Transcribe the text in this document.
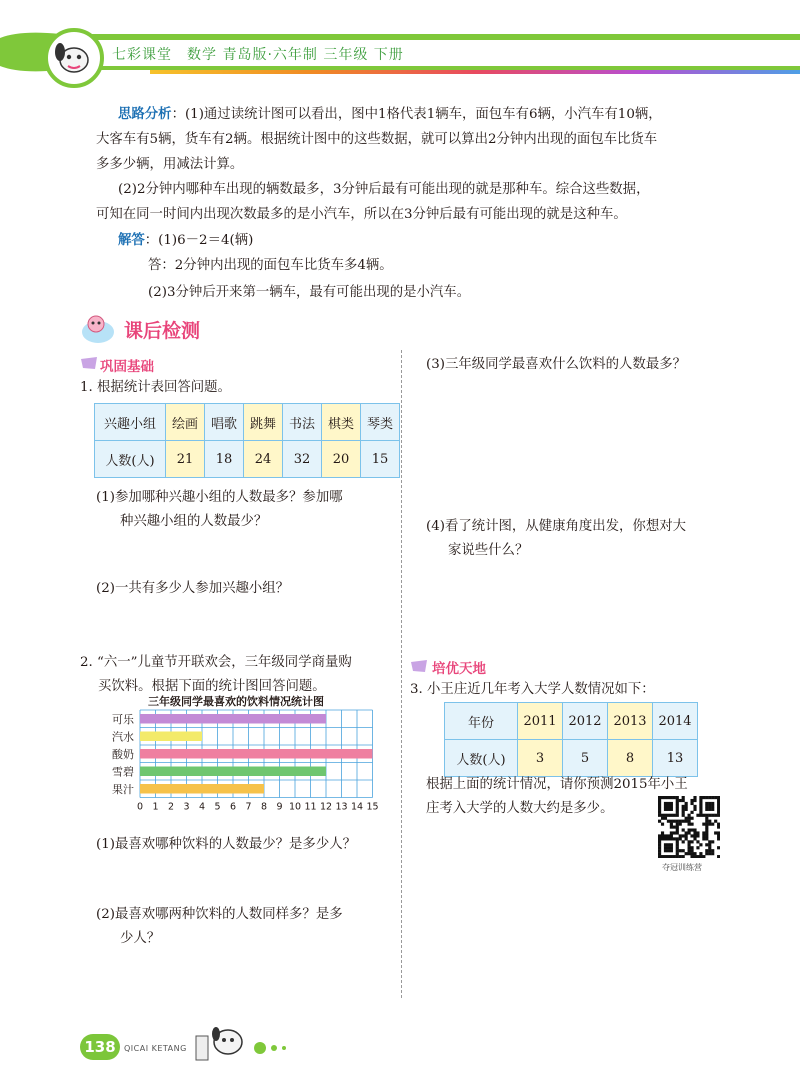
七彩课堂　数学 青岛版·六年制 三年级 下册
思路分析：(1)通过读统计图可以看出，图中1格代表1辆车，面包车有6辆，小汽车有10辆，
大客车有5辆，货车有2辆。根据统计图中的这些数据，就可以算出2分钟内出现的面包车比货车
多多少辆，用减法计算。
(2)2分钟内哪种车出现的辆数最多，3分钟后最有可能出现的就是那种车。综合这些数据，
可知在同一时间内出现次数最多的是小汽车，所以在3分钟后最有可能出现的就是这种车。
解答：(1)6－2＝4(辆)
答：2分钟内出现的面包车比货车多4辆。
(2)3分钟后开来第一辆车，最有可能出现的是小汽车。
课后检测
巩固基础
1. 根据统计表回答问题。
兴趣小组	绘画	唱歌	跳舞	书法	棋类	琴类
人数(人)	21	18	24	32	20	15
(1)参加哪种兴趣小组的人数最多？参加哪
种兴趣小组的人数最少？
(2)一共有多少人参加兴趣小组？
2. “六一”儿童节开联欢会，三年级同学商量购
买饮料。根据下面的统计图回答问题。
三年级同学最喜欢的饮料情况统计图
可乐
汽水
酸奶
雪碧
果汁
0 1 2 3 4 5 6 7 8 9 10 11 12 13 14 15
(1)最喜欢哪种饮料的人数最少？是多少人？
(2)最喜欢哪两种饮料的人数同样多？是多
少人？
(3)三年级同学最喜欢什么饮料的人数最多？
(4)看了统计图，从健康角度出发，你想对大
家说些什么？
培优天地
3. 小王庄近几年考入大学人数情况如下：
年份	2011	2012	2013	2014
人数(人)	3	5	8	13
根据上面的统计情况，请你预测2015年小王
庄考入大学的人数大约是多少。
夺冠训练营
138	QICAI KETANG
